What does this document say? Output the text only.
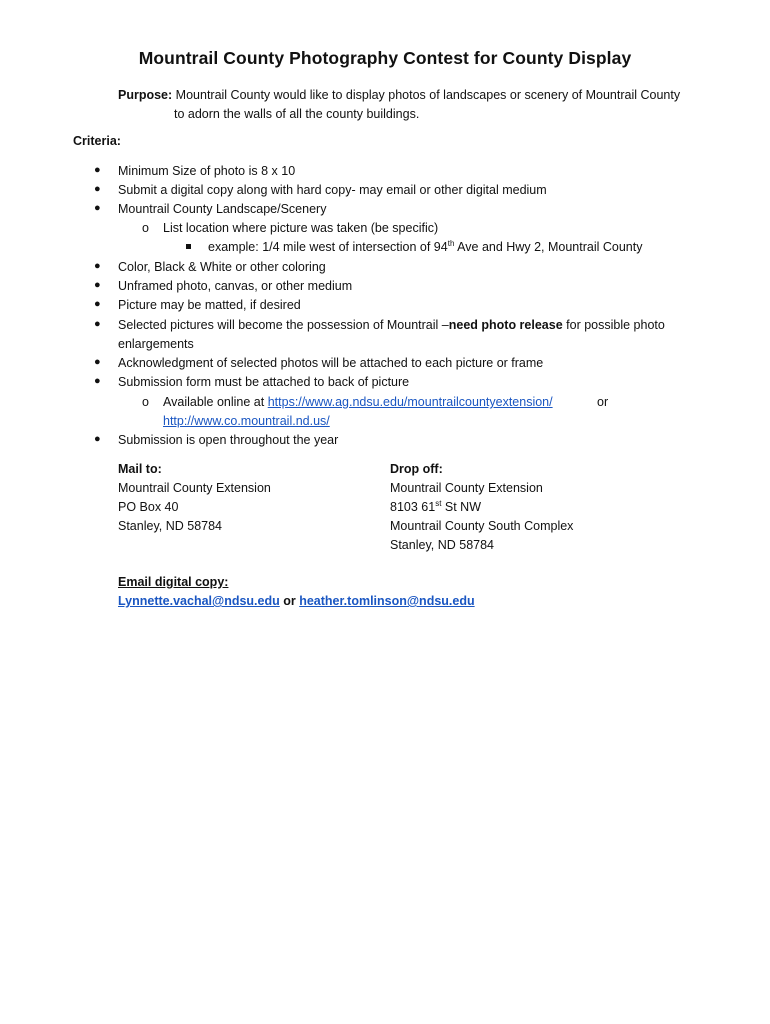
Mountrail County Photography Contest for County Display
Purpose: Mountrail County would like to display photos of landscapes or scenery of Mountrail County
to adorn the walls of all the county buildings.
Criteria:
● Minimum Size of photo is 8 x 10
● Submit a digital copy along with hard copy- may email or other digital medium
● Mountrail County Landscape/Scenery
o List location where picture was taken (be specific)
example: 1/4 mile west of intersection of 94th Ave and Hwy 2, Mountrail County
● Color, Black & White or other coloring
● Unframed photo, canvas, or other medium
● Picture may be matted, if desired
● Selected pictures will become the possession of Mountrail –need photo release for possible photo
enlargements
● Acknowledgment of selected photos will be attached to each picture or frame
● Submission form must be attached to back of picture
o Available online at https://www.ag.ndsu.edu/mountrailcountyextension/	or
http://www.co.mountrail.nd.us/
● Submission is open throughout the year
Mail to:
Mountrail County Extension
PO Box 40
Stanley, ND 58784
Drop off:
Mountrail County Extension
8103 61st St NW
Mountrail County South Complex
Stanley, ND 58784
Email digital copy:
Lynnette.vachal@ndsu.edu or heather.tomlinson@ndsu.edu
